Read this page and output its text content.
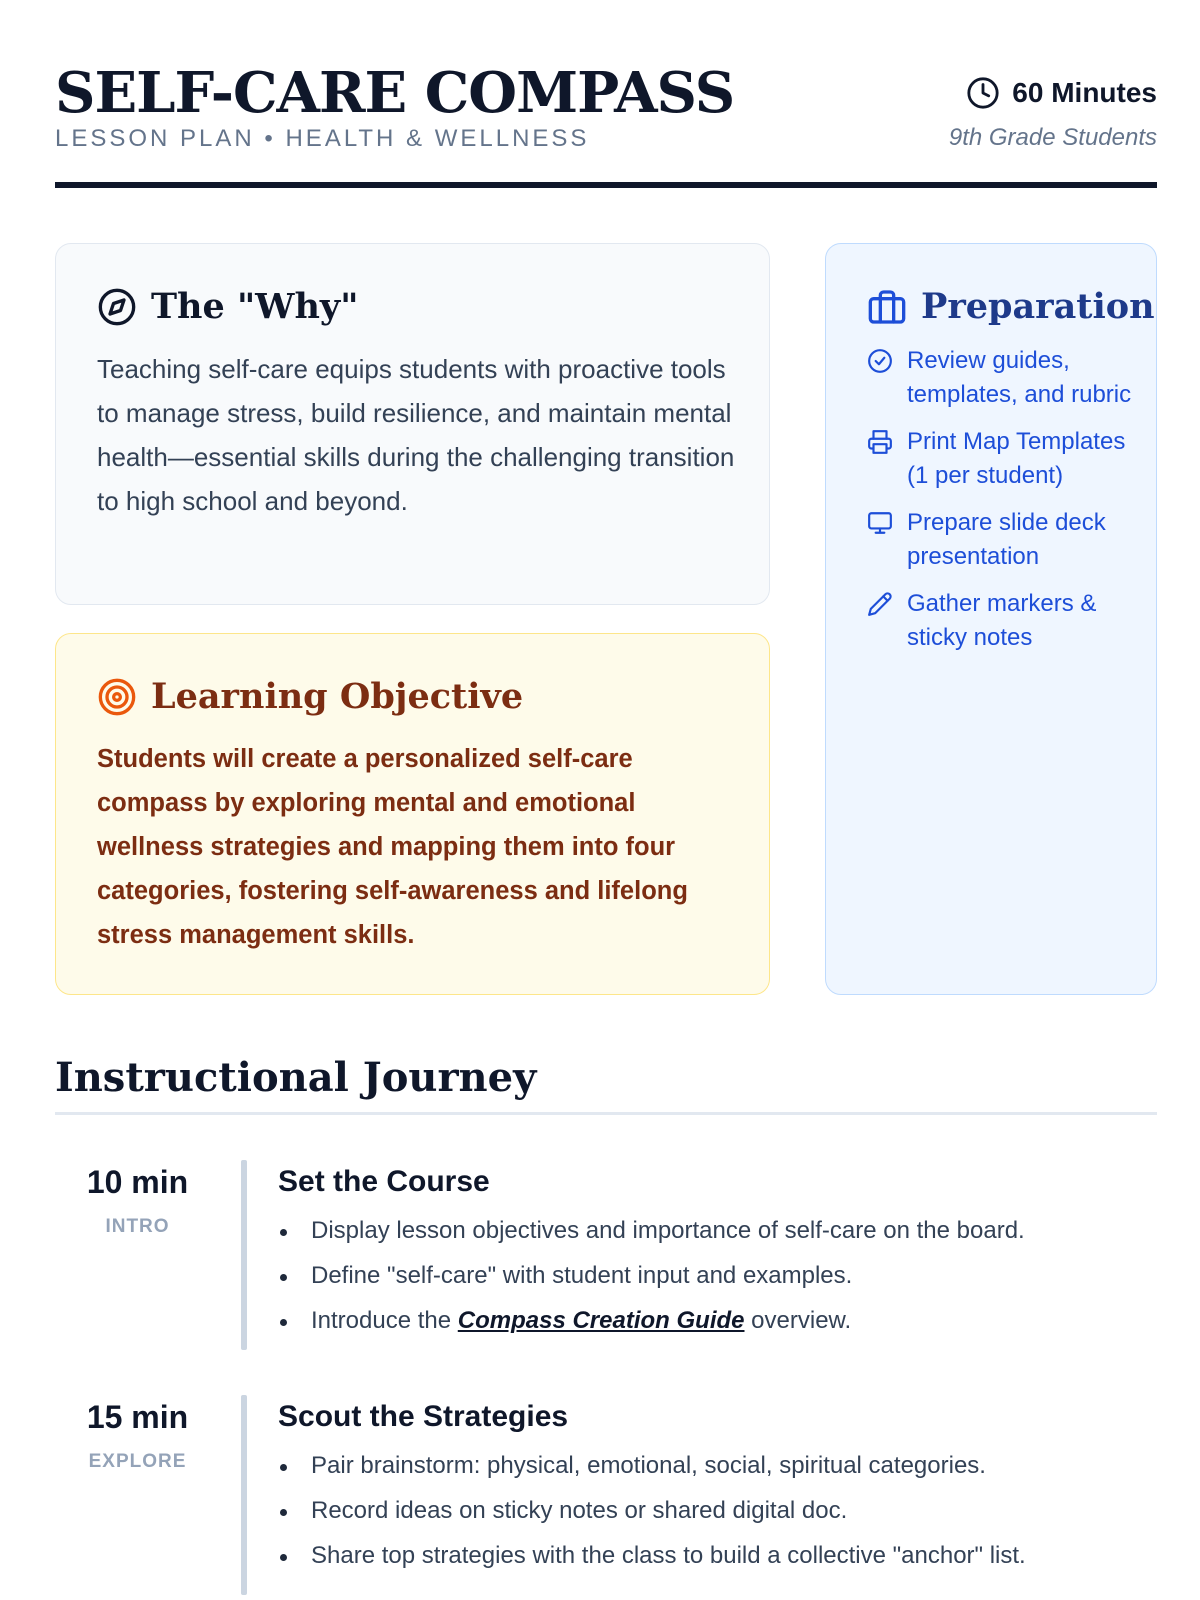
SELF-CARE COMPASS
LESSON PLAN • HEALTH & WELLNESS
60 Minutes
9th Grade Students
The "Why"

Teaching self-care equips students with proactive tools to manage stress, build resilience, and maintain mental health—essential skills during the challenging transition to high school and beyond.

Learning Objective

Students will create a personalized self-care compass by exploring mental and emotional wellness strategies and mapping them into four categories, fostering self-awareness and lifelong stress management skills.

Preparation
Review guides, templates, and rubric
Print Map Templates (1 per student)
Prepare slide deck presentation
Gather markers & sticky notes
Instructional Journey
10 min
INTRO
Set the Course
Display lesson objectives and importance of self-care on the board.
Define "self-care" with student input and examples.
Introduce the Compass Creation Guide overview.
15 min
EXPLORE
Scout the Strategies
Pair brainstorm: physical, emotional, social, spiritual categories.
Record ideas on sticky notes or shared digital doc.
Share top strategies with the class to build a collective "anchor" list.
